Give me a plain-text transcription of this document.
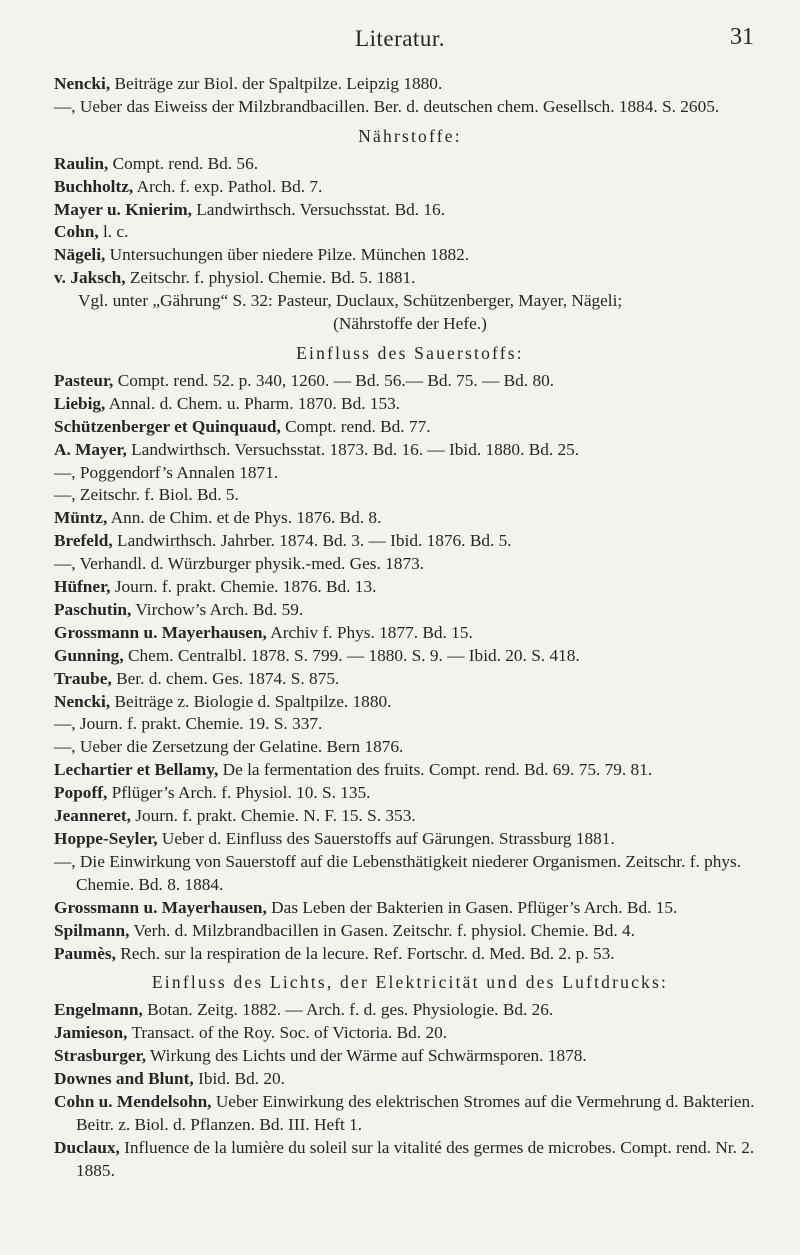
Literatur.	31
Nencki, Beiträge zur Biol. der Spaltpilze. Leipzig 1880.
—, Ueber das Eiweiss der Milzbrandbacillen. Ber. d. deutschen chem. Gesellsch. 1884. S. 2605.
Nährstoffe:
Raulin, Compt. rend. Bd. 56.
Buchholtz, Arch. f. exp. Pathol. Bd. 7.
Mayer u. Knierim, Landwirthsch. Versuchsstat. Bd. 16.
Cohn, l. c.
Nägeli, Untersuchungen über niedere Pilze. München 1882.
v. Jaksch, Zeitschr. f. physiol. Chemie. Bd. 5. 1881.
Vgl. unter „Gährung“ S. 32: Pasteur, Duclaux, Schützenberger, Mayer, Nägeli;
(Nährstoffe der Hefe.)
Einfluss des Sauerstoffs:
Pasteur, Compt. rend. 52. p. 340, 1260. — Bd. 56.— Bd. 75. — Bd. 80.
Liebig, Annal. d. Chem. u. Pharm. 1870. Bd. 153.
Schützenberger et Quinquaud, Compt. rend. Bd. 77.
A. Mayer, Landwirthsch. Versuchsstat. 1873. Bd. 16. — Ibid. 1880. Bd. 25.
—, Poggendorf’s Annalen 1871.
—, Zeitschr. f. Biol. Bd. 5.
Müntz, Ann. de Chim. et de Phys. 1876. Bd. 8.
Brefeld, Landwirthsch. Jahrber. 1874. Bd. 3. — Ibid. 1876. Bd. 5.
—, Verhandl. d. Würzburger physik.-med. Ges. 1873.
Hüfner, Journ. f. prakt. Chemie. 1876. Bd. 13.
Paschutin, Virchow’s Arch. Bd. 59.
Grossmann u. Mayerhausen, Archiv f. Phys. 1877. Bd. 15.
Gunning, Chem. Centralbl. 1878. S. 799. — 1880. S. 9. — Ibid. 20. S. 418.
Traube, Ber. d. chem. Ges. 1874. S. 875.
Nencki, Beiträge z. Biologie d. Spaltpilze. 1880.
—, Journ. f. prakt. Chemie. 19. S. 337.
—, Ueber die Zersetzung der Gelatine. Bern 1876.
Lechartier et Bellamy, De la fermentation des fruits. Compt. rend. Bd. 69. 75. 79. 81.
Popoff, Pflüger’s Arch. f. Physiol. 10. S. 135.
Jeanneret, Journ. f. prakt. Chemie. N. F. 15. S. 353.
Hoppe-Seyler, Ueber d. Einfluss des Sauerstoffs auf Gärungen. Strassburg 1881.
—, Die Einwirkung von Sauerstoff auf die Lebensthätigkeit niederer Organismen. Zeitschr. f. phys. Chemie. Bd. 8. 1884.
Grossmann u. Mayerhausen, Das Leben der Bakterien in Gasen. Pflüger’s Arch. Bd. 15.
Spilmann, Verh. d. Milzbrandbacillen in Gasen. Zeitschr. f. physiol. Chemie. Bd. 4.
Paumès, Rech. sur la respiration de la lecure. Ref. Fortschr. d. Med. Bd. 2. p. 53.
Einfluss des Lichts, der Elektricität und des Luftdrucks:
Engelmann, Botan. Zeitg. 1882. — Arch. f. d. ges. Physiologie. Bd. 26.
Jamieson, Transact. of the Roy. Soc. of Victoria. Bd. 20.
Strasburger, Wirkung des Lichts und der Wärme auf Schwärmsporen. 1878.
Downes and Blunt, Ibid. Bd. 20.
Cohn u. Mendelsohn, Ueber Einwirkung des elektrischen Stromes auf die Vermehrung d. Bakterien. Beitr. z. Biol. d. Pflanzen. Bd. III. Heft 1.
Duclaux, Influence de la lumière du soleil sur la vitalité des germes de microbes. Compt. rend. Nr. 2. 1885.
